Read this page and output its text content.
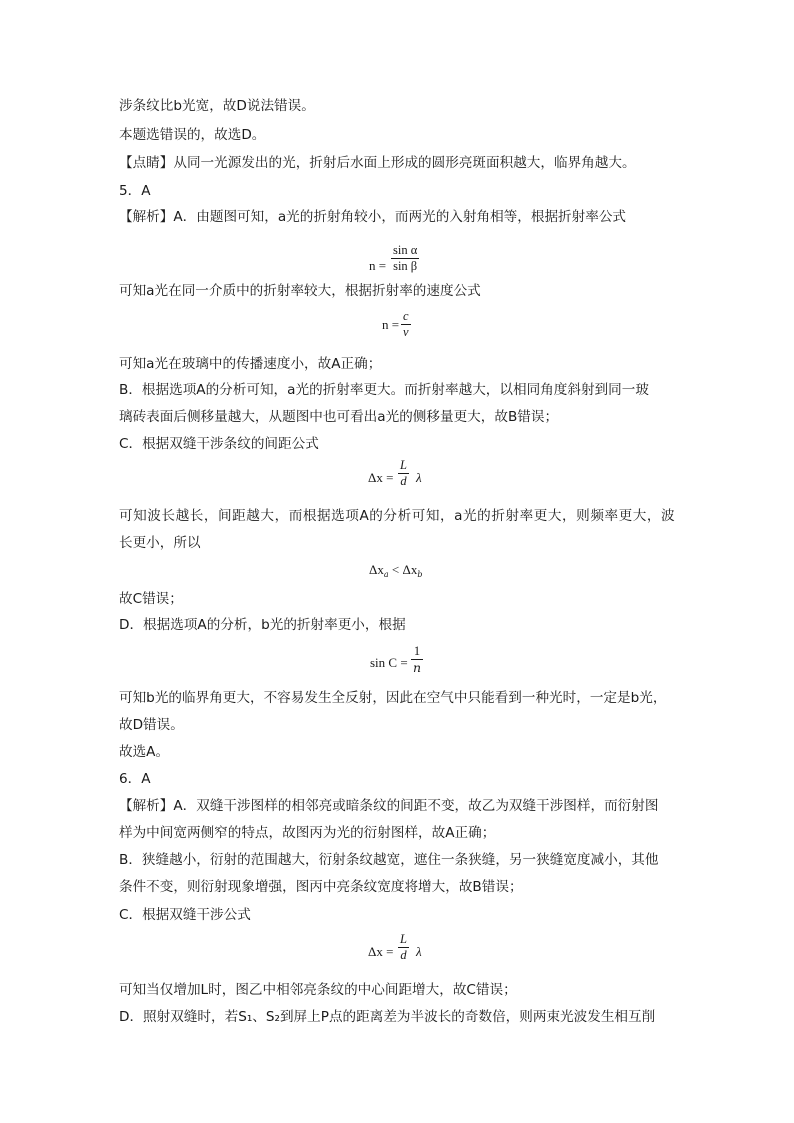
涉条纹比b光宽，故D说法错误。
本题选错误的，故选D。
【点睛】从同一光源发出的光，折射后水面上形成的圆形亮斑面积越大，临界角越大。
5．A
【解析】A．由题图可知，a光的折射角较小，而两光的入射角相等，根据折射率公式
n =
sin α
sin β
可知a光在同一介质中的折射率较大，根据折射率的速度公式
n =
c
v
可知a光在玻璃中的传播速度小，故A正确；
B．根据选项A的分析可知，a光的折射率更大。而折射率越大，以相同角度斜射到同一玻
璃砖表面后侧移量越大，从题图中也可看出a光的侧移量更大，故B错误；
C．根据双缝干涉条纹的间距公式
Δx =
L
d λ
可知波长越长，间距越大，而根据选项A的分析可知，a光的折射率更大，则频率更大，波
长更小，所以
$\Delta x_a < \Delta x_b$
故C错误；
D．根据选项A的分析，b光的折射率更小，根据
sin C =
1
n
可知b光的临界角更大，不容易发生全反射，因此在空气中只能看到一种光时，一定是b光，
故D错误。
故选A。
6．A
【解析】A．双缝干涉图样的相邻亮或暗条纹的间距不变，故乙为双缝干涉图样，而衍射图
样为中间宽两侧窄的特点，故图丙为光的衍射图样，故A正确；
B．狭缝越小，衍射的范围越大，衍射条纹越宽，遮住一条狭缝，另一狭缝宽度减小，其他
条件不变，则衍射现象增强，图丙中亮条纹宽度将增大，故B错误；
C．根据双缝干涉公式
Δx =
L
d λ
可知当仅增加L时，图乙中相邻亮条纹的中心间距增大，故C错误；
D．照射双缝时，若S₁、S₂到屏上P点的距离差为半波长的奇数倍，则两束光波发生相互削
